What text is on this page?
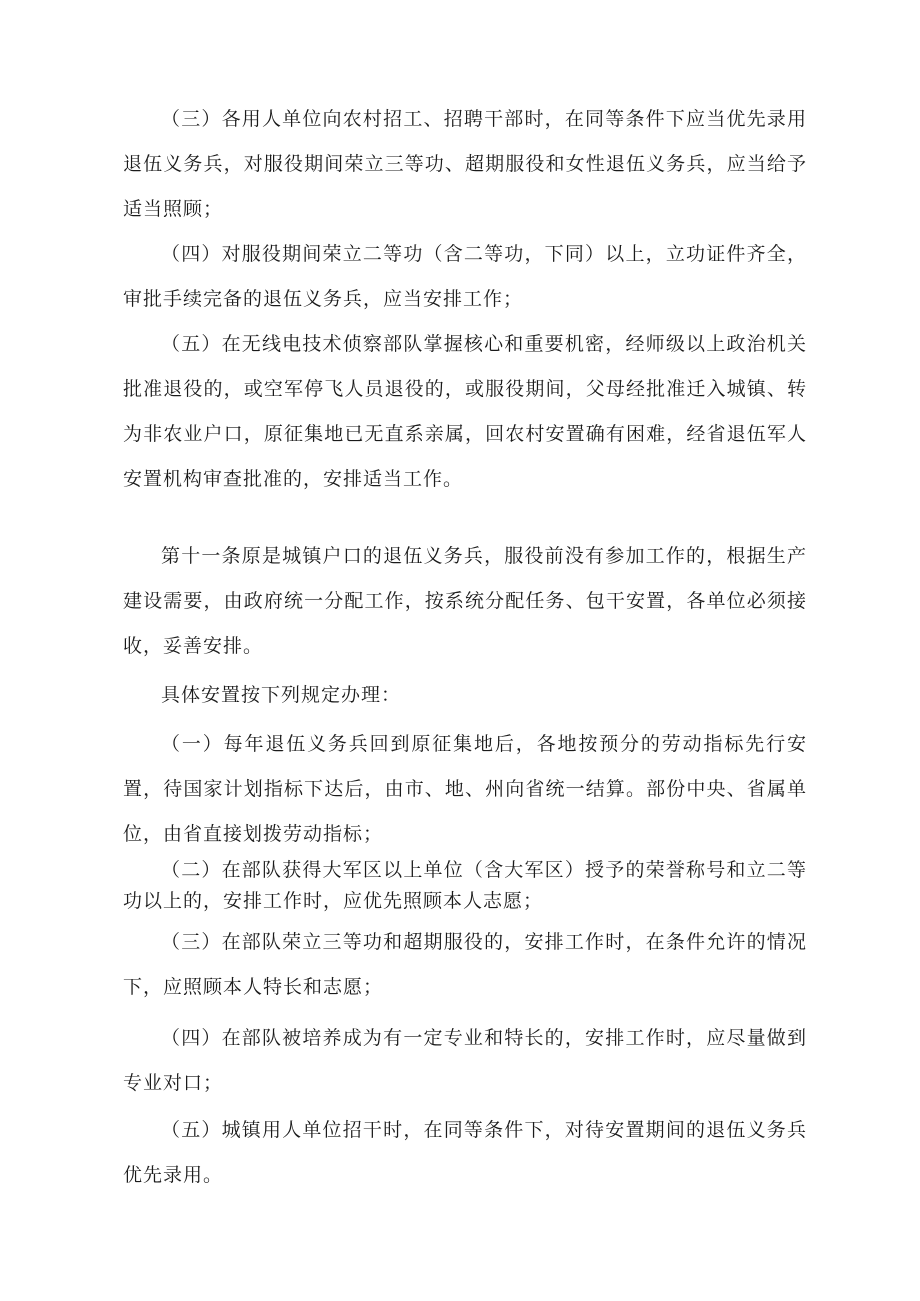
（三）各用人单位向农村招工、招聘干部时，在同等条件下应当优先录用退伍义务兵，对服役期间荣立三等功、超期服役和女性退伍义务兵，应当给予适当照顾；

（四）对服役期间荣立二等功（含二等功，下同）以上，立功证件齐全，审批手续完备的退伍义务兵，应当安排工作；

（五）在无线电技术侦察部队掌握核心和重要机密，经师级以上政治机关批准退役的，或空军停飞人员退役的，或服役期间，父母经批准迁入城镇、转为非农业户口，原征集地已无直系亲属，回农村安置确有困难，经省退伍军人安置机构审查批准的，安排适当工作。

第十一条原是城镇户口的退伍义务兵，服役前没有参加工作的，根据生产建设需要，由政府统一分配工作，按系统分配任务、包干安置，各单位必须接收，妥善安排。

具体安置按下列规定办理：

（一）每年退伍义务兵回到原征集地后，各地按预分的劳动指标先行安置，待国家计划指标下达后，由市、地、州向省统一结算。部份中央、省属单位，由省直接划拨劳动指标；

（二）在部队获得大军区以上单位（含大军区）授予的荣誉称号和立二等功以上的，安排工作时，应优先照顾本人志愿；

（三）在部队荣立三等功和超期服役的，安排工作时，在条件允许的情况下，应照顾本人特长和志愿；

（四）在部队被培养成为有一定专业和特长的，安排工作时，应尽量做到专业对口；

（五）城镇用人单位招干时，在同等条件下，对待安置期间的退伍义务兵优先录用。
